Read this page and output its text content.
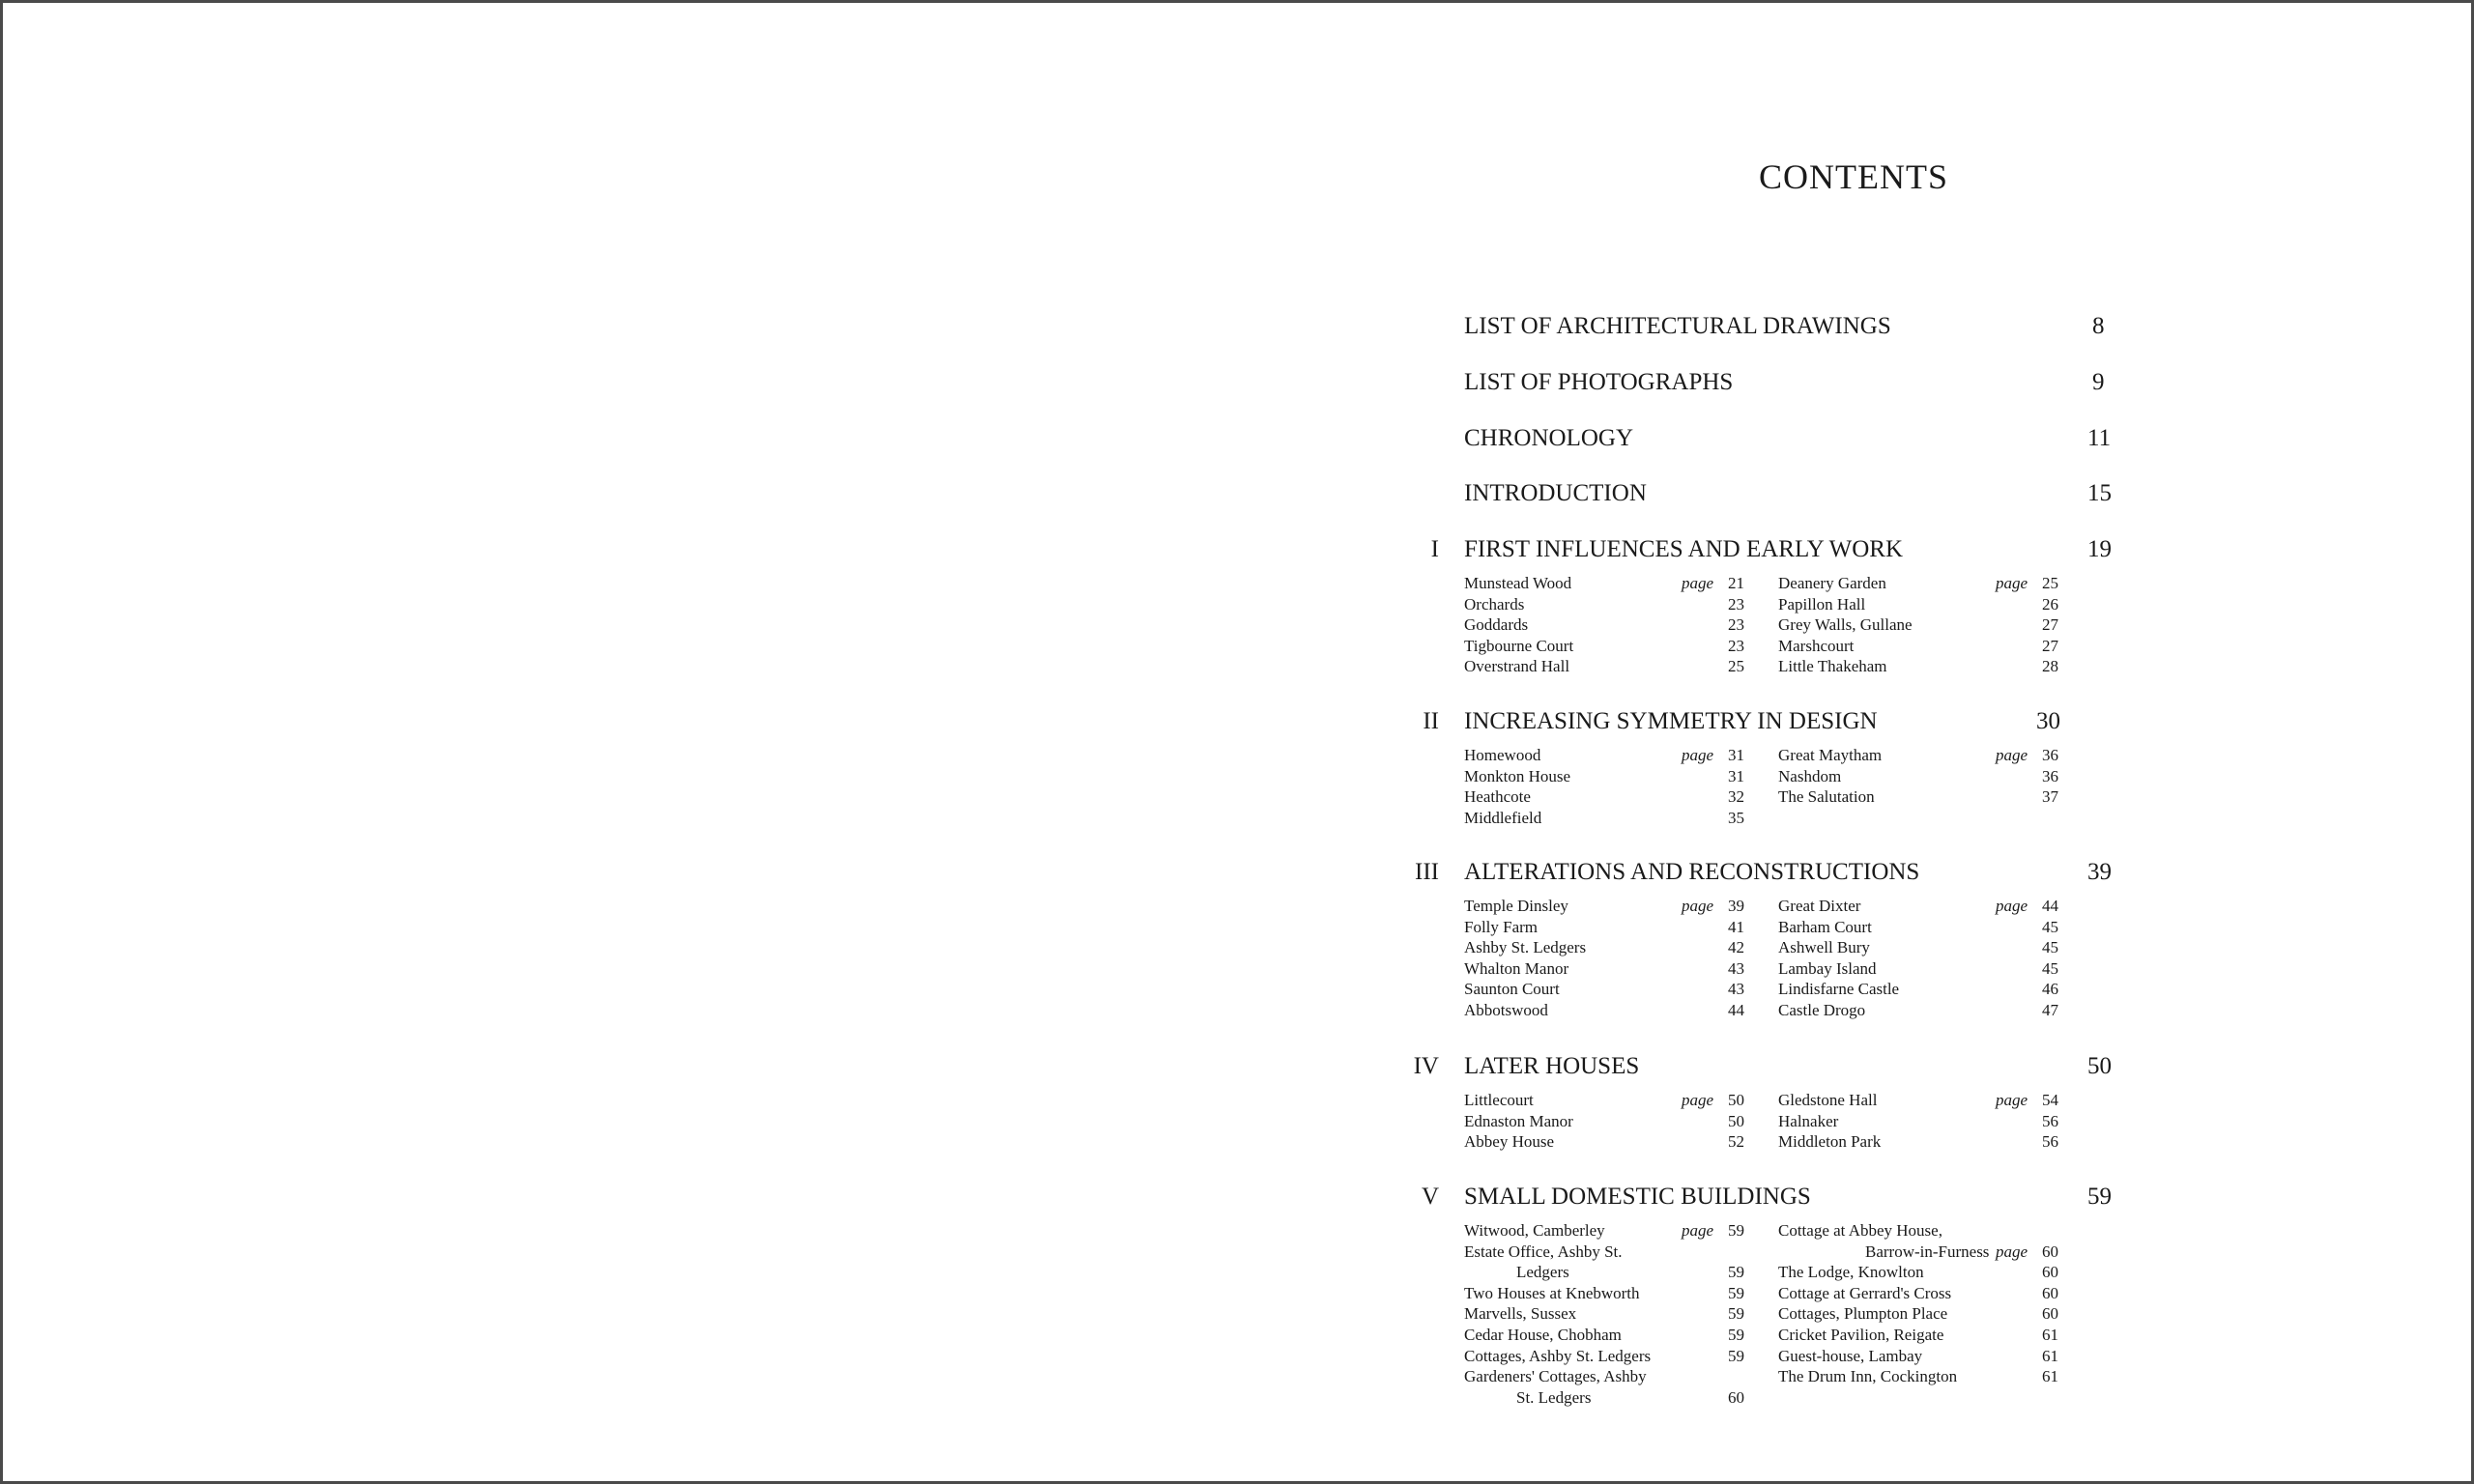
CONTENTS
LIST OF ARCHITECTURAL DRAWINGS	8
LIST OF PHOTOGRAPHS	9
CHRONOLOGY	11
INTRODUCTION	15
I FIRST INFLUENCES AND EARLY WORK	19
Munstead Wood	page 21
Orchards	23
Goddards	23
Tigbourne Court	23
Overstrand Hall	25
Deanery Garden	page 25
Papillon Hall	26
Grey Walls, Gullane	27
Marshcourt	27
Little Thakeham	28
II INCREASING SYMMETRY IN DESIGN	30
Homewood	page 31
Monkton House	31
Heathcote	32
Middlefield	35
Great Maytham	page 36
Nashdom	36
The Salutation	37
III ALTERATIONS AND RECONSTRUCTIONS	39
Temple Dinsley	page 39
Folly Farm	41
Ashby St. Ledgers	42
Whalton Manor	43
Saunton Court	43
Abbotswood	44
Great Dixter	page 44
Barham Court	45
Ashwell Bury	45
Lambay Island	45
Lindisfarne Castle	46
Castle Drogo	47
IV LATER HOUSES	50
Littlecourt	page 50
Ednaston Manor	50
Abbey House	52
Gledstone Hall	page 54
Halnaker	56
Middleton Park	56
V SMALL DOMESTIC BUILDINGS	59
Witwood, Camberley	page 59
Estate Office, Ashby St.
Ledgers	59
Two Houses at Knebworth	59
Marvells, Sussex	59
Cedar House, Chobham	59
Cottages, Ashby St. Ledgers	59
Gardeners' Cottages, Ashby
St. Ledgers	60
Cottage at Abbey House,
Barrow-in-Furness page 60
The Lodge, Knowlton	60
Cottage at Gerrard's Cross	60
Cottages, Plumpton Place	60
Cricket Pavilion, Reigate	61
Guest-house, Lambay	61
The Drum Inn, Cockington	61
